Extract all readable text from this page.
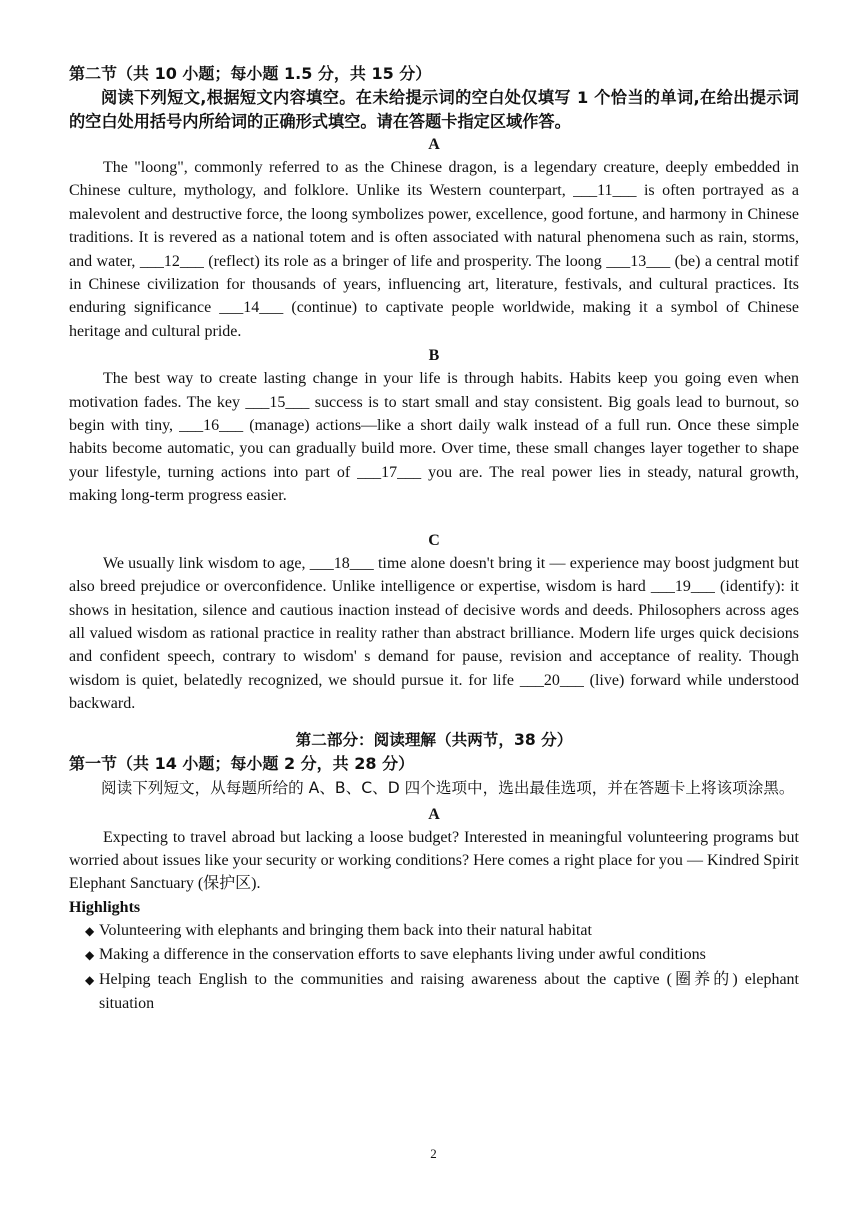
第二节（共 10 小题；每小题 1.5 分，共 15 分）

阅读下列短文,根据短文内容填空。在未给提示词的空白处仅填写 1 个恰当的单词,在给出提示词的空白处用括号内所给词的正确形式填空。请在答题卡指定区域作答。

A

The "loong", commonly referred to as the Chinese dragon, is a legendary creature, deeply embedded in Chinese culture, mythology, and folklore. Unlike its Western counterpart, ___11___ is often portrayed as a malevolent and destructive force, the loong symbolizes power, excellence, good fortune, and harmony in Chinese traditions. It is revered as a national totem and is often associated with natural phenomena such as rain, storms, and water, ___12___ (reflect) its role as a bringer of life and prosperity. The loong ___13___ (be) a central motif in Chinese civilization for thousands of years, influencing art, literature, festivals, and cultural practices. Its enduring significance ___14___ (continue) to captivate people worldwide, making it a symbol of Chinese heritage and cultural pride.

B

The best way to create lasting change in your life is through habits. Habits keep you going even when motivation fades. The key ___15___ success is to start small and stay consistent. Big goals lead to burnout, so begin with tiny, ___16___ (manage) actions—like a short daily walk instead of a full run. Once these simple habits become automatic, you can gradually build more. Over time, these small changes layer together to shape your lifestyle, turning actions into part of ___17___ you are. The real power lies in steady, natural growth, making long-term progress easier.

C

We usually link wisdom to age, ___18___ time alone doesn't bring it — experience may boost judgment but also breed prejudice or overconfidence. Unlike intelligence or expertise, wisdom is hard ___19___ (identify): it shows in hesitation, silence and cautious inaction instead of decisive words and deeds. Philosophers across ages all valued wisdom as rational practice in reality rather than abstract brilliance. Modern life urges quick decisions and confident speech, contrary to wisdom' s demand for pause, revision and acceptance of reality. Though wisdom is quiet, belatedly recognized, we should pursue it. for life ___20___ (live) forward while understood backward.

第二部分：阅读理解（共两节，38 分）

第一节（共 14 小题；每小题 2 分，共 28 分）

阅读下列短文，从每题所给的 A、B、C、D 四个选项中，选出最佳选项，并在答题卡上将该项涂黑。

A

Expecting to travel abroad but lacking a loose budget? Interested in meaningful volunteering programs but worried about issues like your security or working conditions? Here comes a right place for you — Kindred Spirit Elephant Sanctuary (保护区).

Highlights

◆ Volunteering with elephants and bringing them back into their natural habitat
◆ Making a difference in the conservation efforts to save elephants living under awful conditions
◆ Helping teach English to the communities and raising awareness about the captive (圈养的) elephant situation
2
